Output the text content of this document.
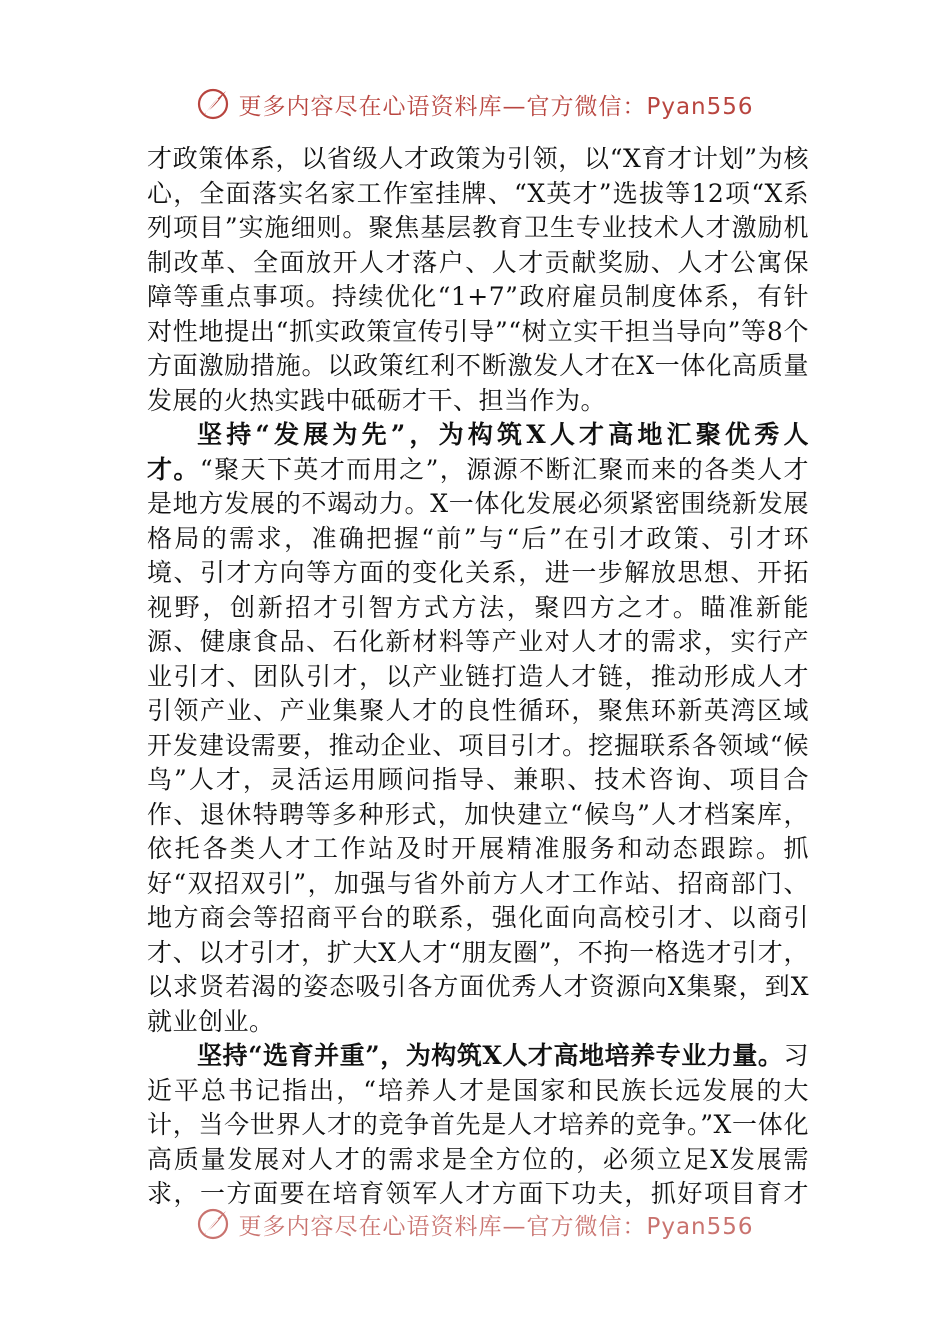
更多内容尽在心语资料库—官方微信：Pyan556

才政策体系，以省级人才政策为引领，以“X育才计划”为核心，全面落实名家工作室挂牌、“X英才”选拔等12项“X系列项目”实施细则。聚焦基层教育卫生专业技术人才激励机制改革、全面放开人才落户、人才贡献奖励、人才公寓保障等重点事项。持续优化“1+7”政府雇员制度体系，有针对性地提出“抓实政策宣传引导”“树立实干担当导向”等8个方面激励措施。以政策红利不断激发人才在X一体化高质量发展的火热实践中砥砺才干、担当作为。

坚持“发展为先”，为构筑X人才高地汇聚优秀人才。“聚天下英才而用之”，源源不断汇聚而来的各类人才是地方发展的不竭动力。X一体化发展必须紧密围绕新发展格局的需求，准确把握“前”与“后”在引才政策、引才环境、引才方向等方面的变化关系，进一步解放思想、开拓视野，创新招才引智方式方法，聚四方之才。瞄准新能源、健康食品、石化新材料等产业对人才的需求，实行产业引才、团队引才，以产业链打造人才链，推动形成人才引领产业、产业集聚人才的良性循环，聚焦环新英湾区域开发建设需要，推动企业、项目引才。挖掘联系各领域“候鸟”人才，灵活运用顾问指导、兼职、技术咨询、项目合作、退休特聘等多种形式，加快建立“候鸟”人才档案库，依托各类人才工作站及时开展精准服务和动态跟踪。抓好“双招双引”，加强与省外前方人才工作站、招商部门、地方商会等招商平台的联系，强化面向高校引才、以商引才、以才引才，扩大X人才“朋友圈”，不拘一格选才引才，以求贤若渴的姿态吸引各方面优秀人才资源向X集聚，到X就业创业。

坚持“选育并重”，为构筑X人才高地培养专业力量。习近平总书记指出，“培养人才是国家和民族长远发展的大计，当今世界人才的竞争首先是人才培养的竞争。”X一体化高质量发展对人才的需求是全方位的，必须立足X发展需求，一方面要在培育领军人才方面下功夫，抓好项目育才

更多内容尽在心语资料库—官方微信：Pyan556
